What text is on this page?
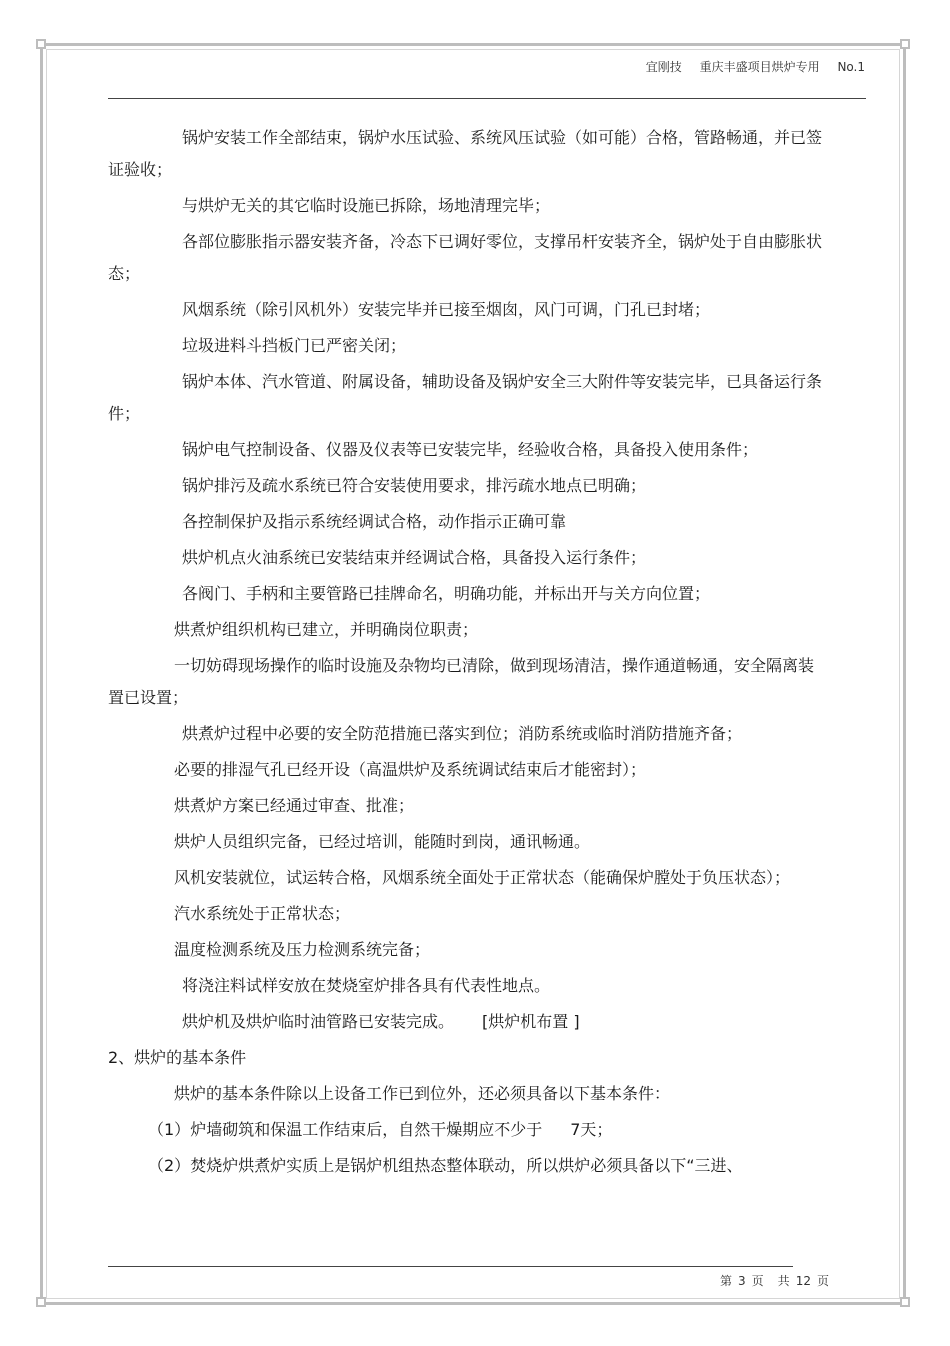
宜刚技 重庆丰盛项目烘炉专用 No.1

锅炉安装工作全部结束，锅炉水压试验、系统风压试验（如可能）合格，管路畅通，并已签证验收；

与烘炉无关的其它临时设施已拆除，场地清理完毕；

各部位膨胀指示器安装齐备，冷态下已调好零位，支撑吊杆安装齐全，锅炉处于自由膨胀状态；

风烟系统（除引风机外）安装完毕并已接至烟囱，风门可调，门孔已封堵；

垃圾进料斗挡板门已严密关闭；

锅炉本体、汽水管道、附属设备，辅助设备及锅炉安全三大附件等安装完毕，已具备运行条件；

锅炉电气控制设备、仪器及仪表等已安装完毕，经验收合格，具备投入使用条件；

锅炉排污及疏水系统已符合安装使用要求，排污疏水地点已明确；

各控制保护及指示系统经调试合格，动作指示正确可靠

烘炉机点火油系统已安装结束并经调试合格，具备投入运行条件；

各阀门、手柄和主要管路已挂牌命名，明确功能，并标出开与关方向位置；

烘煮炉组织机构已建立，并明确岗位职责；

一切妨碍现场操作的临时设施及杂物均已清除，做到现场清洁，操作通道畅通，安全隔离装置已设置；

烘煮炉过程中必要的安全防范措施已落实到位；消防系统或临时消防措施齐备；

必要的排湿气孔已经开设（高温烘炉及系统调试结束后才能密封）；

烘煮炉方案已经通过审查、批准；

烘炉人员组织完备，已经过培训，能随时到岗，通讯畅通。

风机安装就位，试运转合格，风烟系统全面处于正常状态（能确保炉膛处于负压状态）；

汽水系统处于正常状态；

温度检测系统及压力检测系统完备；

将浇注料试样安放在焚烧室炉排各具有代表性地点。

烘炉机及烘炉临时油管路已安装完成。 [烘炉机布置 ]

2、烘炉的基本条件

烘炉的基本条件除以上设备工作已到位外，还必须具备以下基本条件：

（1）炉墙砌筑和保温工作结束后，自然干燥期应不少于 7天；

（2）焚烧炉烘煮炉实质上是锅炉机组热态整体联动，所以烘炉必须具备以下“三进、

第 3 页 共 12 页
